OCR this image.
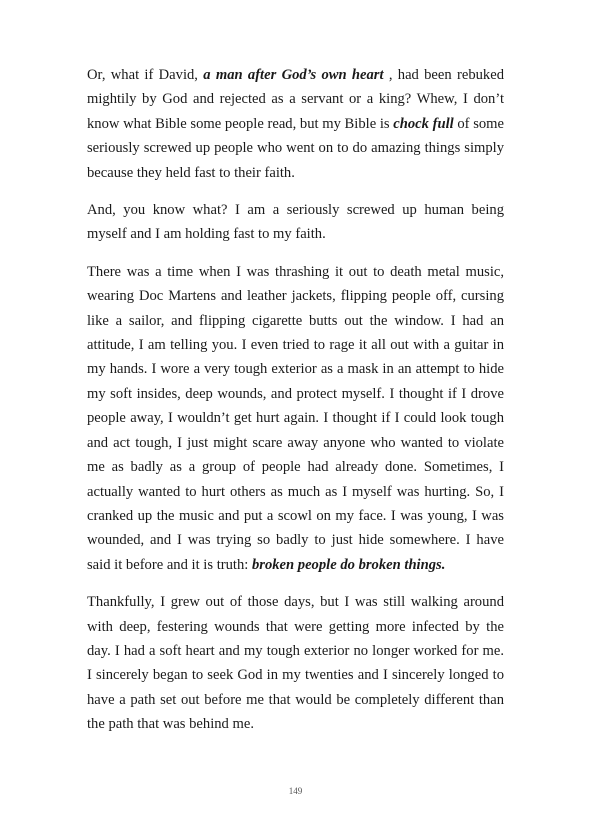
Or, what if David, a man after God’s own heart , had been rebuked mightily by God and rejected as a servant or a king? Whew, I don’t know what Bible some people read, but my Bible is chock full of some seriously screwed up people who went on to do amazing things simply because they held fast to their faith.

And, you know what? I am a seriously screwed up human being myself and I am holding fast to my faith.

There was a time when I was thrashing it out to death metal music, wearing Doc Martens and leather jackets, flipping people off, cursing like a sailor, and flipping cigarette butts out the window. I had an attitude, I am telling you. I even tried to rage it all out with a guitar in my hands. I wore a very tough exterior as a mask in an attempt to hide my soft insides, deep wounds, and protect myself. I thought if I drove people away, I wouldn’t get hurt again. I thought if I could look tough and act tough, I just might scare away anyone who wanted to violate me as badly as a group of people had already done. Sometimes, I actually wanted to hurt others as much as I myself was hurting. So, I cranked up the music and put a scowl on my face. I was young, I was wounded, and I was trying so badly to just hide somewhere. I have said it before and it is truth: broken people do broken things.

Thankfully, I grew out of those days, but I was still walking around with deep, festering wounds that were getting more infected by the day. I had a soft heart and my tough exterior no longer worked for me. I sincerely began to seek God in my twenties and I sincerely longed to have a path set out before me that would be completely different than the path that was behind me.

149
